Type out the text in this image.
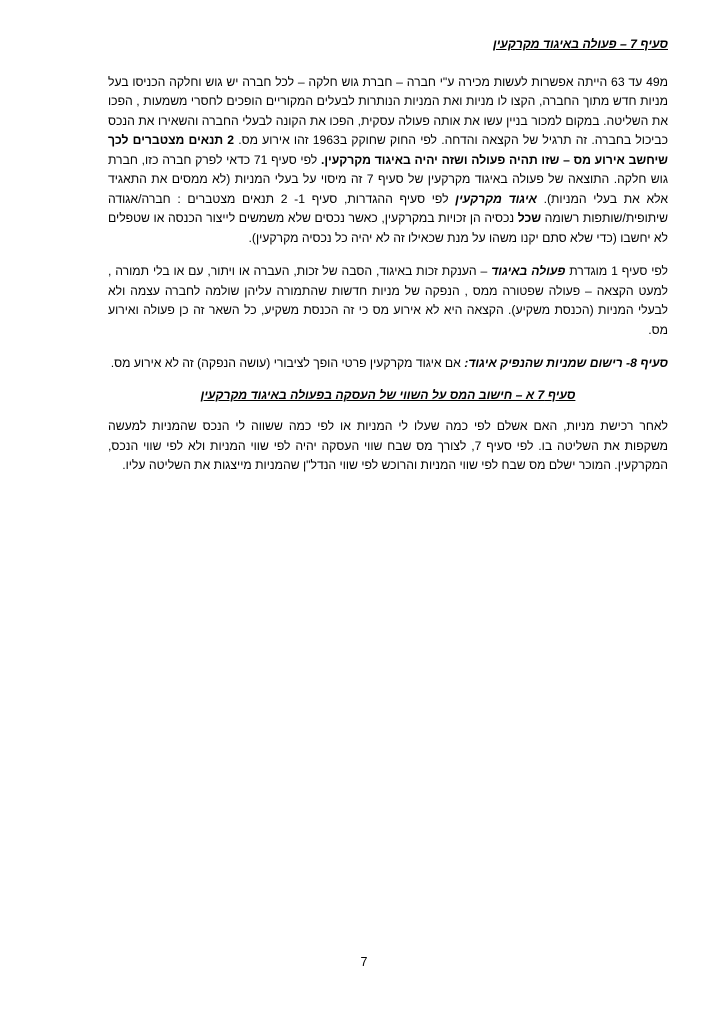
סעיף 7 – פעולה באיגוד מקרקעין

מ49 עד 63 הייתה אפשרות לעשות מכירה ע"י חברה – חברת גוש חלקה – לכל חברה יש גוש וחלקה הכניסו בעל מניות חדש מתוך החברה, הקצו לו מניות ואת המניות הנותרות לבעלים המקוריים הופכים לחסרי משמעות , הפכו את השליטה. במקום למכור בניין עשו את אותה פעולה עסקית, הפכו את הקונה לבעלי החברה והשאירו את הנכס כביכול בחברה. זה תרגיל של הקצאה והדחה. לפי החוק שחוקק ב1963 זהו אירוע מס. 2 תנאים מצטברים לכך שיחשב אירוע מס – שזו תהיה פעולה ושזה יהיה באיגוד מקרקעין. לפי סעיף 71 כדאי לפרק חברה כזו, חברת גוש חלקה. התוצאה של פעולה באיגוד מקרקעין של סעיף 7 זה מיסוי על בעלי המניות (לא ממסים את התאגיד אלא את בעלי המניות). איגוד מקרקעין לפי סעיף ההגדרות, סעיף 1- 2 תנאים מצטברים : חברה/אגודה שיתופית/שותפות רשומה שכל נכסיה הן זכויות במקרקעין, כאשר נכסים שלא משמשים לייצור הכנסה או שטפלים לא יחשבו (כדי שלא סתם יקנו משהו על מנת שכאילו זה לא יהיה כל נכסיה מקרקעין).

לפי סעיף 1 מוגדרת פעולה באיגוד – הענקת זכות באיגוד, הסבה של זכות, העברה או ויתור, עם או בלי תמורה , למעט הקצאה – פעולה שפטורה ממס , הנפקה של מניות חדשות שהתמורה עליהן שולמה לחברה עצמה ולא לבעלי המניות (הכנסת משקיע). הקצאה היא לא אירוע מס כי זה הכנסת משקיע, כל השאר זה כן פעולה ואירוע מס.

סעיף 8- רישום שמניות שהנפיק איגוד: אם איגוד מקרקעין פרטי הופך לציבורי (עושה הנפקה) זה לא אירוע מס.

סעיף 7 א – חישוב המס על השווי של העסקה בפעולה באיגוד מקרקעין

לאחר רכישת מניות, האם אשלם לפי כמה שעלו לי המניות או לפי כמה ששווה לי הנכס שהמניות למעשה משקפות את השליטה בו. לפי סעיף 7, לצורך מס שבח שווי העסקה יהיה לפי שווי המניות ולא לפי שווי הנכס, המקרקעין. המוכר ישלם מס שבח לפי שווי המניות והרוכש לפי שווי הנדל"ן שהמניות מייצגות את השליטה עליו.

7
